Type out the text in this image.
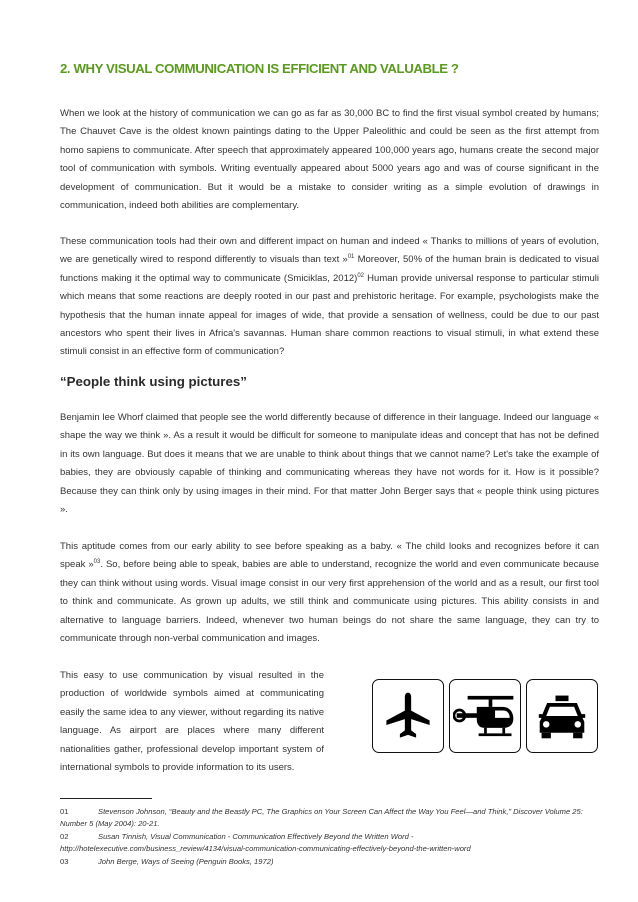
2. WHY VISUAL COMMUNICATION IS EFFICIENT AND VALUABLE ?

When we look at the history of communication we can go as far as 30,000 BC to find the first visual symbol created by humans; The Chauvet Cave is the oldest known paintings dating to the Upper Paleolithic and could be seen as the first attempt from homo sapiens to communicate. After speech that approximately appeared 100,000 years ago, humans create the second major tool of communication with symbols. Writing eventually appeared about 5000 years ago and was of course significant in the development of communication. But it would be a mistake to consider writing as a simple evolution of drawings in communication, indeed both abilities are complementary.

These communication tools had their own and different impact on human and indeed « Thanks to millions of years of evolution, we are genetically wired to respond differently to visuals than text »$^{01}$ Moreover, 50% of the human brain is dedicated to visual functions making it the optimal way to communicate (Smiciklas, 2012)$^{02}$ Human provide universal response to particular stimuli which means that some reactions are deeply rooted in our past and prehistoric heritage. For example, psychologists make the hypothesis that the human innate appeal for images of wide, that provide a sensation of wellness, could be due to our past ancestors who spent their lives in Africa's savannas. Human share common reactions to visual stimuli, in what extend these stimuli consist in an effective form of communication?

“People think using pictures”

Benjamin lee Whorf claimed that people see the world differently because of difference in their language. Indeed our language « shape the way we think ». As a result it would be difficult for someone to manipulate ideas and concept that has not be defined in its own language. But does it means that we are unable to think about things that we cannot name? Let's take the example of babies, they are obviously capable of thinking and communicating whereas they have not words for it. How is it possible? Because they can think only by using images in their mind. For that matter John Berger says that « people think using pictures ».

This aptitude comes from our early ability to see before speaking as a baby. « The child looks and recognizes before it can speak »$^{03}$. So, before being able to speak, babies are able to understand, recognize the world and even communicate because they can think without using words. Visual image consist in our very first apprehension of the world and as a result, our first tool to think and communicate. As grown up adults, we still think and communicate using pictures. This ability consists in and alternative to language barriers. Indeed, whenever two human beings do not share the same language, they can try to communicate through non-verbal communication and images.

This easy to use communication by visual resulted in the production of worldwide symbols aimed at communicating easily the same idea to any viewer, without regarding its native language. As airport are places where many different nationalities gather, professional develop important system of international symbols to provide information to its users.

01	Stevenson Johnson, “Beauty and the Beastly PC, The Graphics on Your Screen Can Affect the Way You Feel—and Think,” Discover Volume 25: Number 5 (May 2004): 20-21.

02	Susan Tinnish, Visual Communication - Communication Effectively Beyond the Written Word - http://hotelexecutive.com/business_review/4134/visual-communication-communicating-effectively-beyond-the-written-word

03	John Berge, Ways of Seeing (Penguin Books, 1972)
